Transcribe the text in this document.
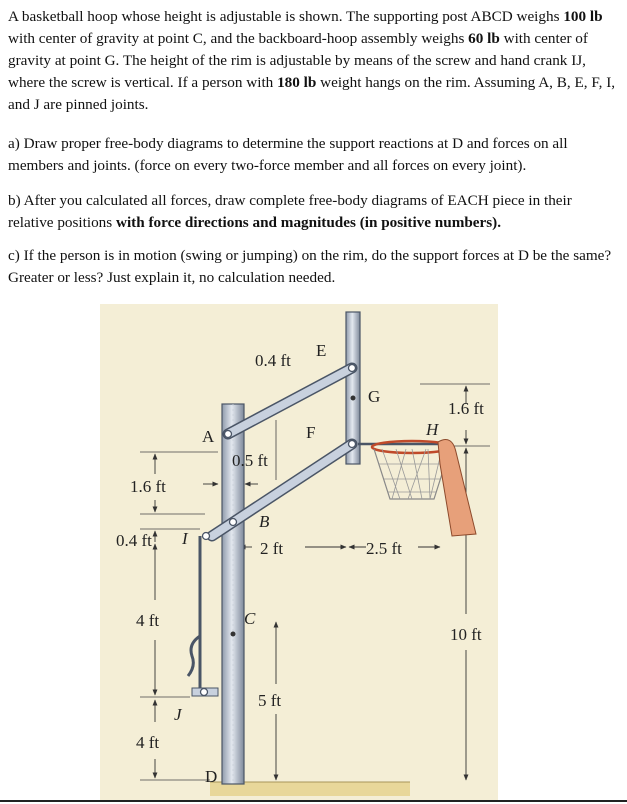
A basketball hoop whose height is adjustable is shown. The supporting post ABCD weighs 100 lb with center of gravity at point C, and the backboard-hoop assembly weighs 60 lb with center of gravity at point G. The height of the rim is adjustable by means of the screw and hand crank IJ, where the screw is vertical. If a person with 180 lb weight hangs on the rim. Assuming A, B, E, F, I, and J are pinned joints.

a) Draw proper free-body diagrams to determine the support reactions at D and forces on all members and joints. (force on every two-force member and all forces on every joint).

b) After you calculated all forces, draw complete free-body diagrams of EACH piece in their relative positions with force directions and magnitudes (in positive numbers).

c) If the person is in motion (swing or jumping) on the rim, do the support forces at D be the same? Greater or less? Just explain it, no calculation needed.

A
B
C
D
E
F
G
H
I
J
0.4 ft
0.5 ft
1.6 ft
0.4 ft	2 ft	2.5 ft
1.6 ft
4 ft
4 ft
5 ft
10 ft
